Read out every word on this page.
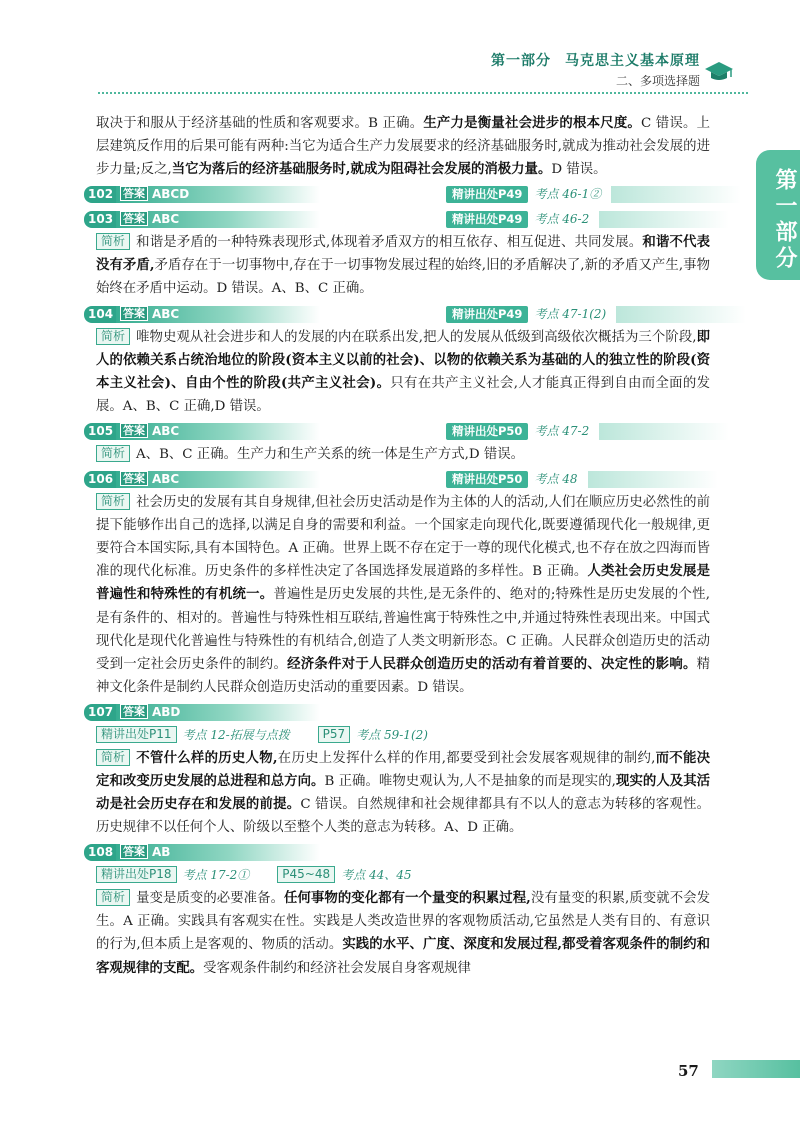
第一部分 马克思主义基本原理
二、多项选择题
第一部分

取决于和服从于经济基础的性质和客观要求。B 正确。生产力是衡量社会进步的根本尺度。C 错误。上层建筑反作用的后果可能有两种:当它为适合生产力发展要求的经济基础服务时,就成为推动社会发展的进步力量;反之,当它为落后的经济基础服务时,就成为阻碍社会发展的消极力量。D 错误。

102 答案 ABCD	精讲出处P49 考点 46-1②
103 答案 ABC	精讲出处P49 考点 46-2

简析 和谐是矛盾的一种特殊表现形式,体现着矛盾双方的相互依存、相互促进、共同发展。和谐不代表没有矛盾,矛盾存在于一切事物中,存在于一切事物发展过程的始终,旧的矛盾解决了,新的矛盾又产生,事物始终在矛盾中运动。D 错误。A、B、C 正确。

104 答案 ABC	精讲出处P49 考点 47-1(2)

简析 唯物史观从社会进步和人的发展的内在联系出发,把人的发展从低级到高级依次概括为三个阶段,即人的依赖关系占统治地位的阶段(资本主义以前的社会)、以物的依赖关系为基础的人的独立性的阶段(资本主义社会)、自由个性的阶段(共产主义社会)。只有在共产主义社会,人才能真正得到自由而全面的发展。A、B、C 正确,D 错误。

105 答案 ABC	精讲出处P50 考点 47-2

简析 A、B、C 正确。生产力和生产关系的统一体是生产方式,D 错误。

106 答案 ABC	精讲出处P50 考点 48

简析 社会历史的发展有其自身规律,但社会历史活动是作为主体的人的活动,人们在顺应历史必然性的前提下能够作出自己的选择,以满足自身的需要和利益。一个国家走向现代化,既要遵循现代化一般规律,更要符合本国实际,具有本国特色。A 正确。世界上既不存在定于一尊的现代化模式,也不存在放之四海而皆准的现代化标准。历史条件的多样性决定了各国选择发展道路的多样性。B 正确。人类社会历史发展是普遍性和特殊性的有机统一。普遍性是历史发展的共性,是无条件的、绝对的;特殊性是历史发展的个性,是有条件的、相对的。普遍性与特殊性相互联结,普遍性寓于特殊性之中,并通过特殊性表现出来。中国式现代化是现代化普遍性与特殊性的有机结合,创造了人类文明新形态。C 正确。人民群众创造历史的活动受到一定社会历史条件的制约。经济条件对于人民群众创造历史的活动有着首要的、决定性的影响。精神文化条件是制约人民群众创造历史活动的重要因素。D 错误。

107 答案 ABD
精讲出处P11 考点 12-拓展与点拨	P57 考点 59-1(2)

简析 不管什么样的历史人物,在历史上发挥什么样的作用,都要受到社会发展客观规律的制约,而不能决定和改变历史发展的总进程和总方向。B 正确。唯物史观认为,人不是抽象的而是现实的,现实的人及其活动是社会历史存在和发展的前提。C 错误。自然规律和社会规律都具有不以人的意志为转移的客观性。历史规律不以任何个人、阶级以至整个人类的意志为转移。A、D 正确。

108 答案 AB
精讲出处P18 考点 17-2①	P45~48 考点 44、45

简析 量变是质变的必要准备。任何事物的变化都有一个量变的积累过程,没有量变的积累,质变就不会发生。A 正确。实践具有客观实在性。实践是人类改造世界的客观物质活动,它虽然是人类有目的、有意识的行为,但本质上是客观的、物质的活动。实践的水平、广度、深度和发展过程,都受着客观条件的制约和客观规律的支配。受客观条件制约和经济社会发展自身客观规律

57
